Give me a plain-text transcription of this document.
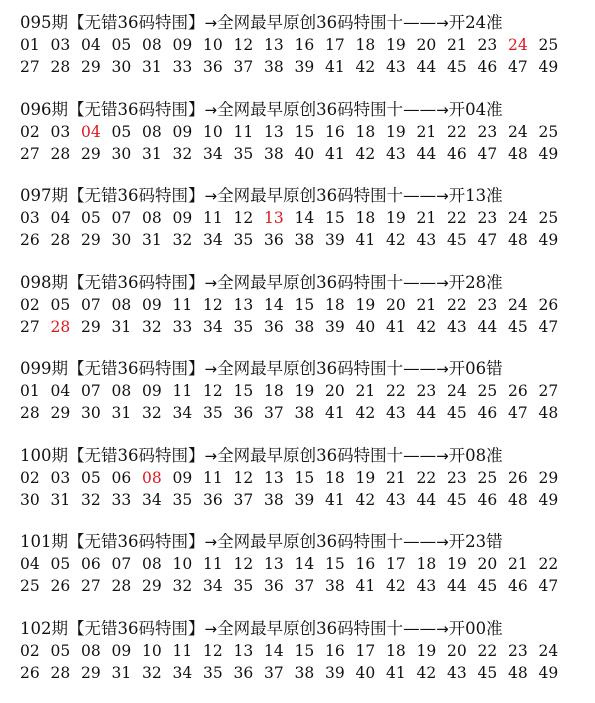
095期【无错36码特围】→全网最早原创36码特围十——→开24准
01 03 04 05 08 09 10 12 13 16 17 18 19 20 21 23 24 25
27 28 29 30 31 33 36 37 38 39 41 42 43 44 45 46 47 49
096期【无错36码特围】→全网最早原创36码特围十——→开04准
02 03 04 05 08 09 10 11 13 15 16 18 19 21 22 23 24 25
27 28 29 30 31 32 34 35 38 40 41 42 43 44 46 47 48 49
097期【无错36码特围】→全网最早原创36码特围十——→开13准
03 04 05 07 08 09 11 12 13 14 15 18 19 21 22 23 24 25
26 28 29 30 31 32 34 35 36 38 39 41 42 43 45 47 48 49
098期【无错36码特围】→全网最早原创36码特围十——→开28准
02 05 07 08 09 11 12 13 14 15 18 19 20 21 22 23 24 26
27 28 29 31 32 33 34 35 36 38 39 40 41 42 43 44 45 47
099期【无错36码特围】→全网最早原创36码特围十——→开06错
01 04 07 08 09 11 12 15 18 19 20 21 22 23 24 25 26 27
28 29 30 31 32 34 35 36 37 38 41 42 43 44 45 46 47 48
100期【无错36码特围】→全网最早原创36码特围十——→开08准
02 03 05 06 08 09 11 12 13 15 18 19 21 22 23 25 26 29
30 31 32 33 34 35 36 37 38 39 41 42 43 44 45 46 48 49
101期【无错36码特围】→全网最早原创36码特围十——→开23错
04 05 06 07 08 10 11 12 13 14 15 16 17 18 19 20 21 22
25 26 27 28 29 32 34 35 36 37 38 41 42 43 44 45 46 47
102期【无错36码特围】→全网最早原创36码特围十——→开00准
02 05 08 09 10 11 12 13 14 15 16 17 18 19 20 22 23 24
26 28 29 31 32 34 35 36 37 38 39 40 41 42 43 45 48 49
